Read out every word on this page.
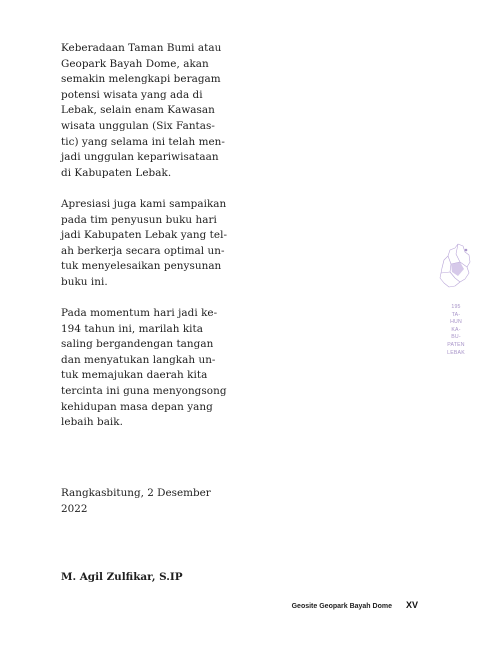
Keberadaan Taman Bumi atau

Geopark Bayah Dome, akan

semakin melengkapi beragam

potensi wisata yang ada di

Lebak, selain enam Kawasan

wisata unggulan (Six Fantas-

tic) yang selama ini telah men-

jadi unggulan kepariwisataan

di Kabupaten Lebak.

Apresiasi juga kami sampaikan

pada tim penyusun buku hari

jadi Kabupaten Lebak yang tel-

ah berkerja secara optimal un-

tuk menyelesaikan penysunan

buku ini.

Pada momentum hari jadi ke-

194 tahun ini, marilah kita

saling bergandengan tangan

dan menyatukan langkah un-

tuk memajukan daerah kita

tercinta ini guna menyongsong

kehidupan masa depan yang

lebaih baik.

Rangkasbitung, 2 Desember

2022

M. Agil Zulfikar, S.IP

195
TA-
HUN
KA-
BU-
PATEN
LEBAK
Geosite Geopark Bayah Dome XV
